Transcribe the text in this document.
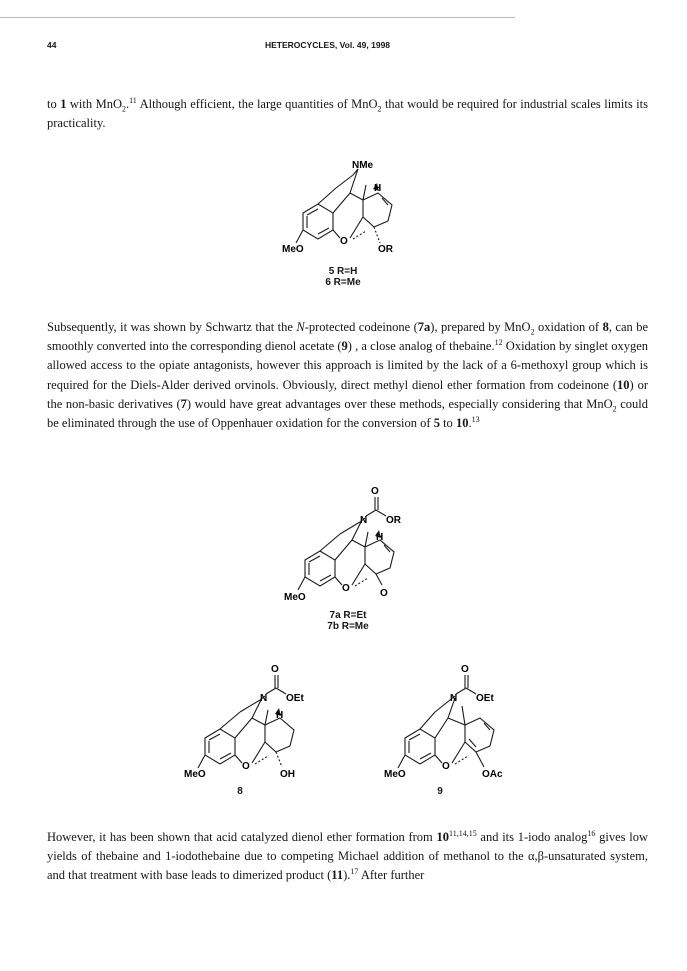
44	HETEROCYCLES, Vol. 49, 1998
to 1 with MnO$_2$.$^{11}$ Although efficient, the large quantities of MnO$_2$ that would be required for industrial scales limits its practicality.
NMe
H
O
MeO	OR
5 R=H
6 R=Me
Subsequently, it was shown by Schwartz that the N-protected codeinone (7a), prepared by MnO$_2$ oxidation of 8, can be smoothly converted into the corresponding dienol acetate (9) , a close analog of thebaine.$^{12}$ Oxidation by singlet oxygen allowed access to the opiate antagonists, however this approach is limited by the lack of a 6-methoxyl group which is required for the Diels-Alder derived orvinols. Obviously, direct methyl dienol ether formation from codeinone (10) or the non-basic derivatives (7) would have great advantages over these methods, especially considering that MnO$_2$ could be eliminated through the use of Oppenhauer oxidation for the conversion of 5 to 10.13
O
N OR
H
O
MeO	O
7a R=Et
7b R=Me
O
N OEt
H
O
MeO	OH
8
O
N OEt
O
MeO	OAc
9
However, it has been shown that acid catalyzed dienol ether formation from 10$^{11,14,15}$ and its 1-iodo analog$^{16}$ gives low yields of thebaine and 1-iodothebaine due to competing Michael addition of methanol to the α,β-unsaturated system, and that treatment with base leads to dimerized product (11).$^{17}$ After further
